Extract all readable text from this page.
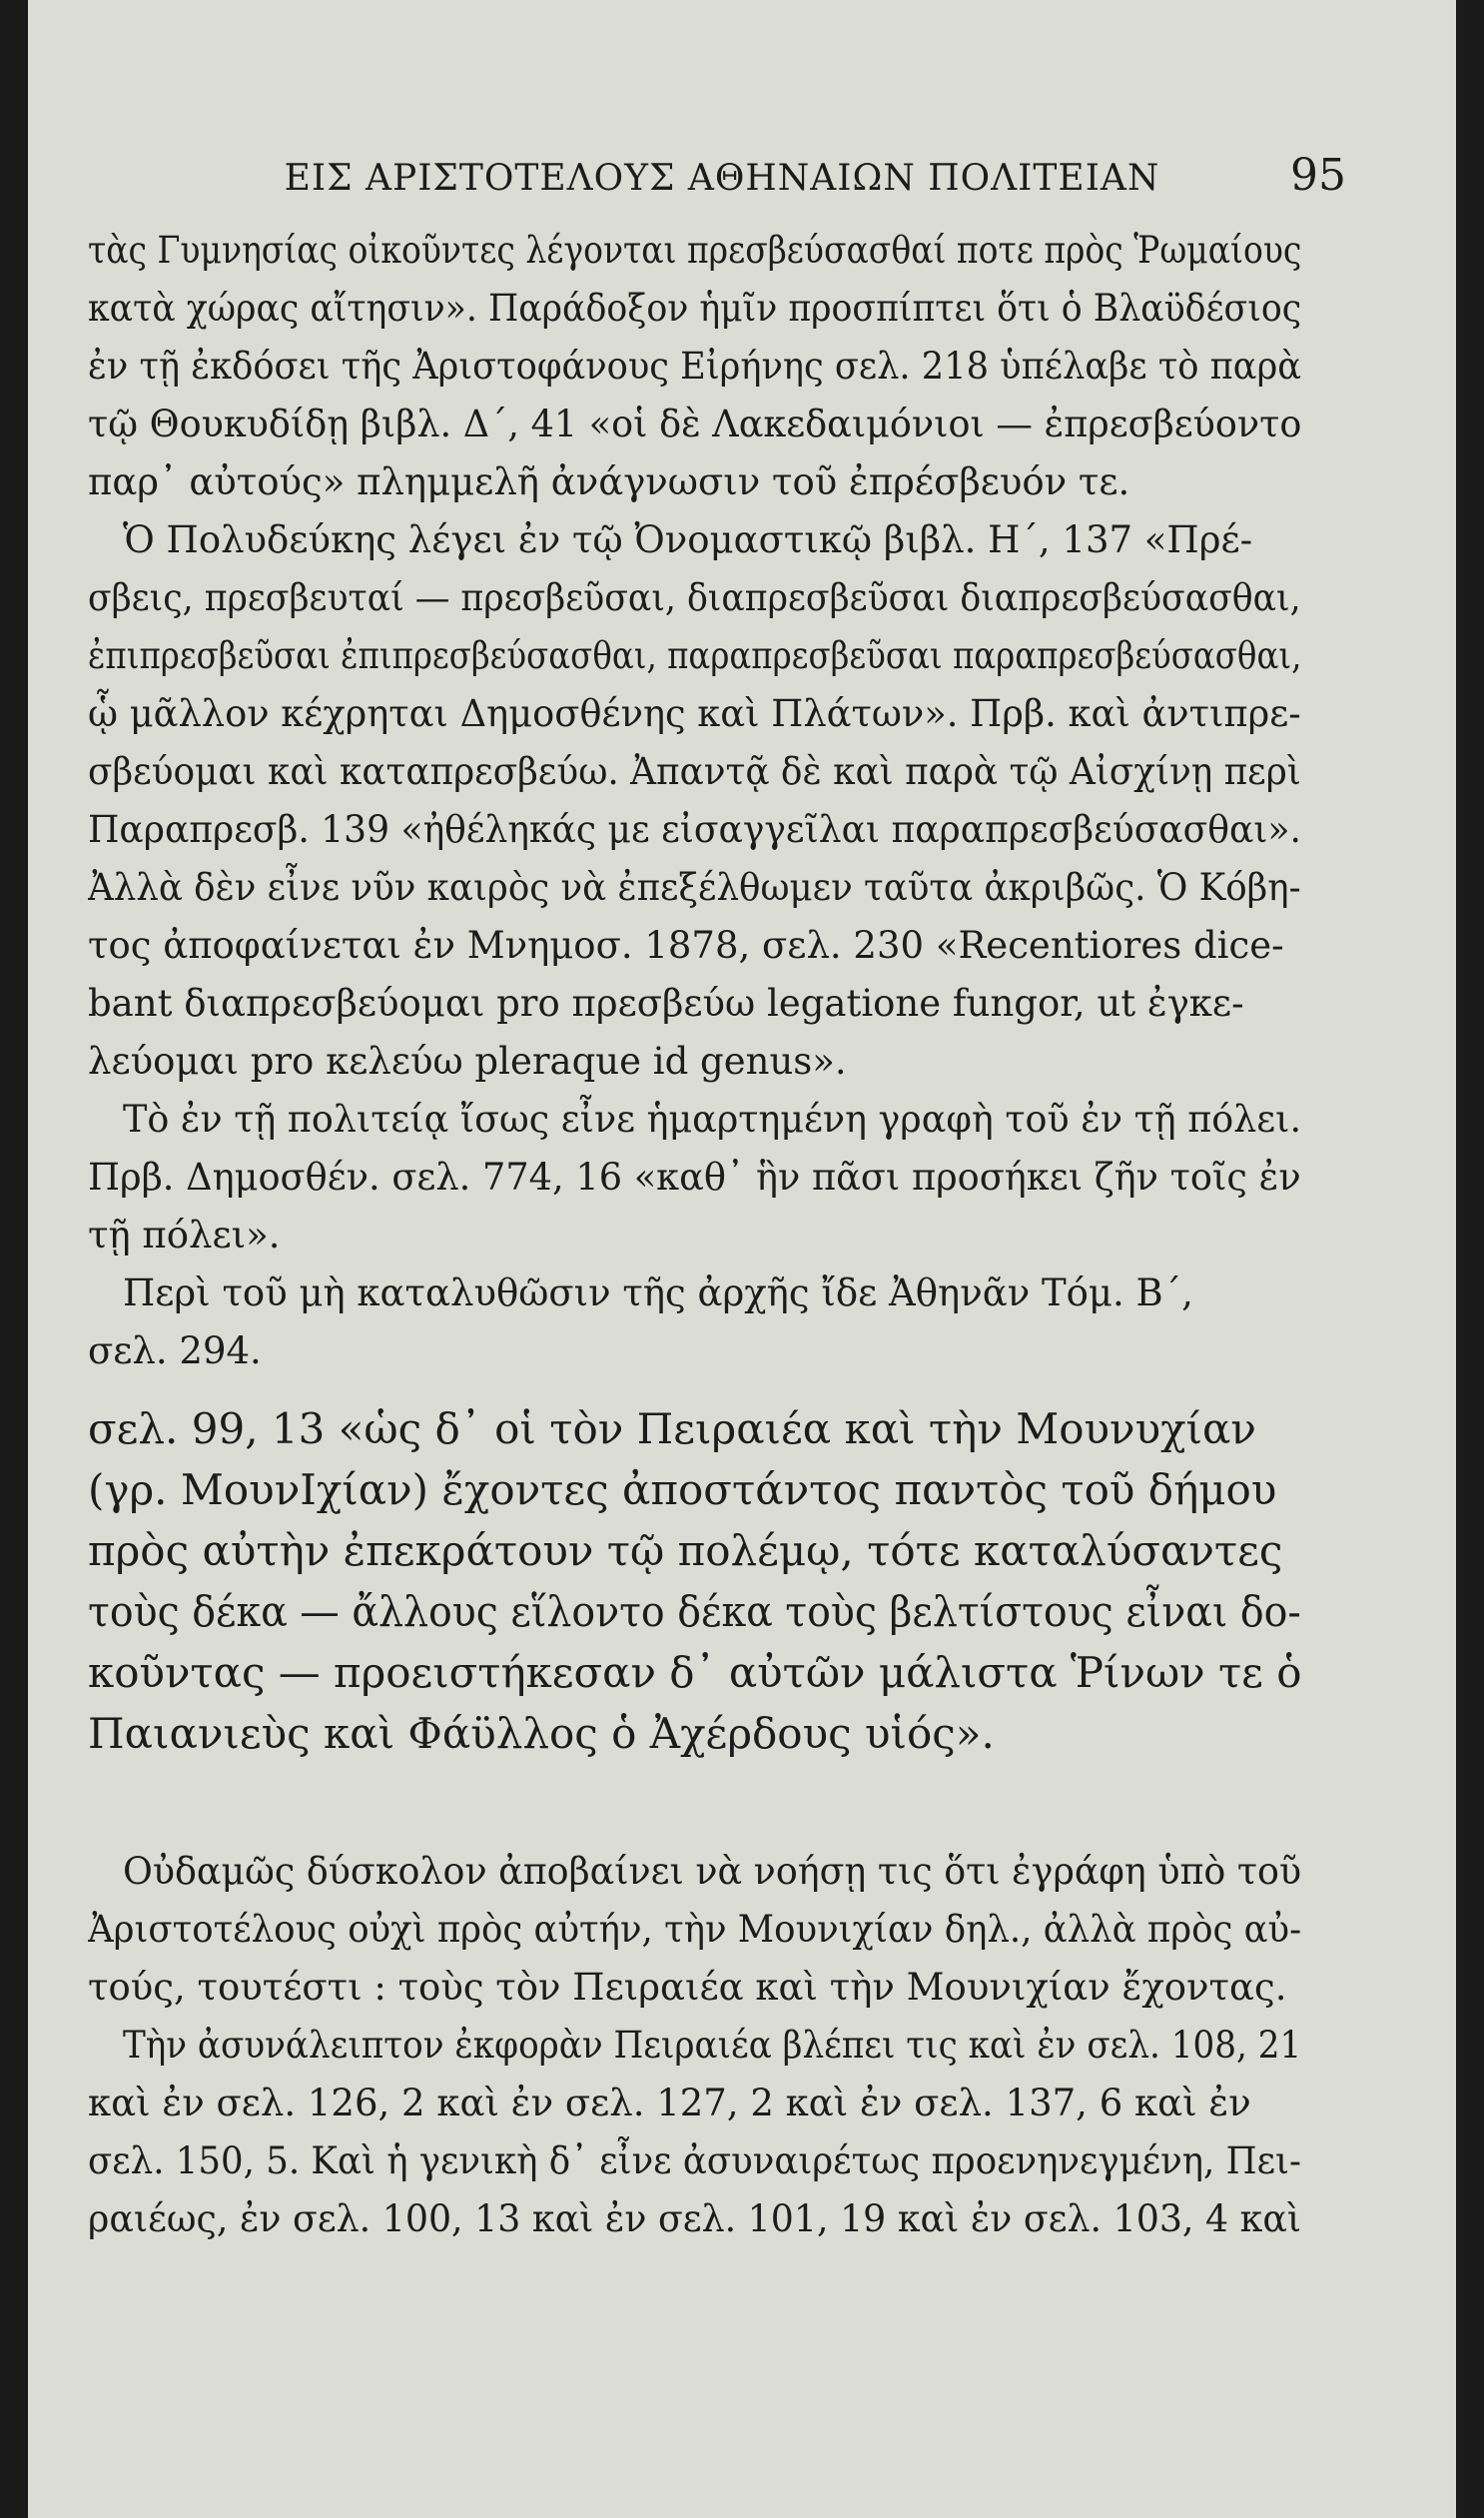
ΕΙΣ ΑΡΙΣΤΟΤΕΛΟΥΣ ΑΘΗΝΑΙΩΝ ΠΟΛΙΤΕΙΑΝ	95
τὰς Γυμνησίας οἰκοῦντες λέγονται πρεσβεύσασθαί ποτε πρὸς Ῥωμαίους
κατὰ χώρας αἴτησιν». Παράδοξον ἡμῖν προσπίπτει ὅτι ὁ Βλαϋδέσιος
ἐν τῇ ἐκδόσει τῆς Ἀριστοφάνους Εἰρήνης σελ. 218 ὑπέλαβε τὸ παρὰ
τῷ Θουκυδίδῃ βιβλ. Δ΄, 41 «οἱ δὲ Λακεδαιμόνιοι — ἐπρεσβεύοντο
παρ᾿ αὐτούς» πλημμελῆ ἀνάγνωσιν τοῦ ἐπρέσβευόν τε.
Ὁ Πολυδεύκης λέγει ἐν τῷ Ὀνομαστικῷ βιβλ. Η΄, 137 «Πρέ-
σβεις, πρεσβευταί — πρεσβεῦσαι, διαπρεσβεῦσαι διαπρεσβεύσασθαι,
ἐπιπρεσβεῦσαι ἐπιπρεσβεύσασθαι, παραπρεσβεῦσαι παραπρεσβεύσασθαι,
ᾧ μᾶλλον κέχρηται Δημοσθένης καὶ Πλάτων». Πρβ. καὶ ἀντιπρε-
σβεύομαι καὶ καταπρεσβεύω. Ἀπαντᾷ δὲ καὶ παρὰ τῷ Αἰσχίνῃ περὶ
Παραπρεσβ. 139 «ἠθέληκάς με εἰσαγγεῖλαι παραπρεσβεύσασθαι».
Ἀλλὰ δὲν εἶνε νῦν καιρὸς νὰ ἐπεξέλθωμεν ταῦτα ἀκριβῶς. Ὁ Κόβη-
τος ἀποφαίνεται ἐν Μνημοσ. 1878, σελ. 230 «Recentiores dice-
bant διαπρεσβεύομαι pro πρεσβεύω legatione fungor, ut ἐγκε-
λεύομαι pro κελεύω pleraque id genus».
Τὸ ἐν τῇ πολιτείᾳ ἴσως εἶνε ἡμαρτημένη γραφὴ τοῦ ἐν τῇ πόλει.
Πρβ. Δημοσθέν. σελ. 774, 16 «καθ᾿ ἣν πᾶσι προσήκει ζῆν τοῖς ἐν
τῇ πόλει».
Περὶ τοῦ μὴ καταλυθῶσιν τῆς ἀρχῆς ἴδε Ἀθηνᾶν Τόμ. Β΄,
σελ. 294.
σελ. 99, 13 «ὡς δ᾿ οἱ τὸν Πειραιέα καὶ τὴν Μουνυχίαν
(γρ. ΜουνΙχίαν) ἔχοντες ἀποστάντος παντὸς τοῦ δήμου
πρὸς αὐτὴν ἐπεκράτουν τῷ πολέμῳ, τότε καταλύσαντες
τοὺς δέκα — ἄλλους εἵλοντο δέκα τοὺς βελτίστους εἶναι δο-
κοῦντας — προειστήκεσαν δ᾿ αὐτῶν μάλιστα Ῥίνων τε ὁ
Παιανιεὺς καὶ Φάϋλλος ὁ Ἀχέρδους υἱός».
Οὐδαμῶς δύσκολον ἀποβαίνει νὰ νοήσῃ τις ὅτι ἐγράφη ὑπὸ τοῦ
Ἀριστοτέλους οὐχὶ πρὸς αὐτήν, τὴν Μουνιχίαν δηλ., ἀλλὰ πρὸς αὐ-
τούς, τουτέστι : τοὺς τὸν Πειραιέα καὶ τὴν Μουνιχίαν ἔχοντας.
Τὴν ἀσυνάλειπτον ἐκφορὰν Πειραιέα βλέπει τις καὶ ἐν σελ. 108, 21
καὶ ἐν σελ. 126, 2 καὶ ἐν σελ. 127, 2 καὶ ἐν σελ. 137, 6 καὶ ἐν
σελ. 150, 5. Καὶ ἡ γενικὴ δ᾿ εἶνε ἀσυναιρέτως προενηνεγμένη, Πει-
ραιέως, ἐν σελ. 100, 13 καὶ ἐν σελ. 101, 19 καὶ ἐν σελ. 103, 4 καὶ
